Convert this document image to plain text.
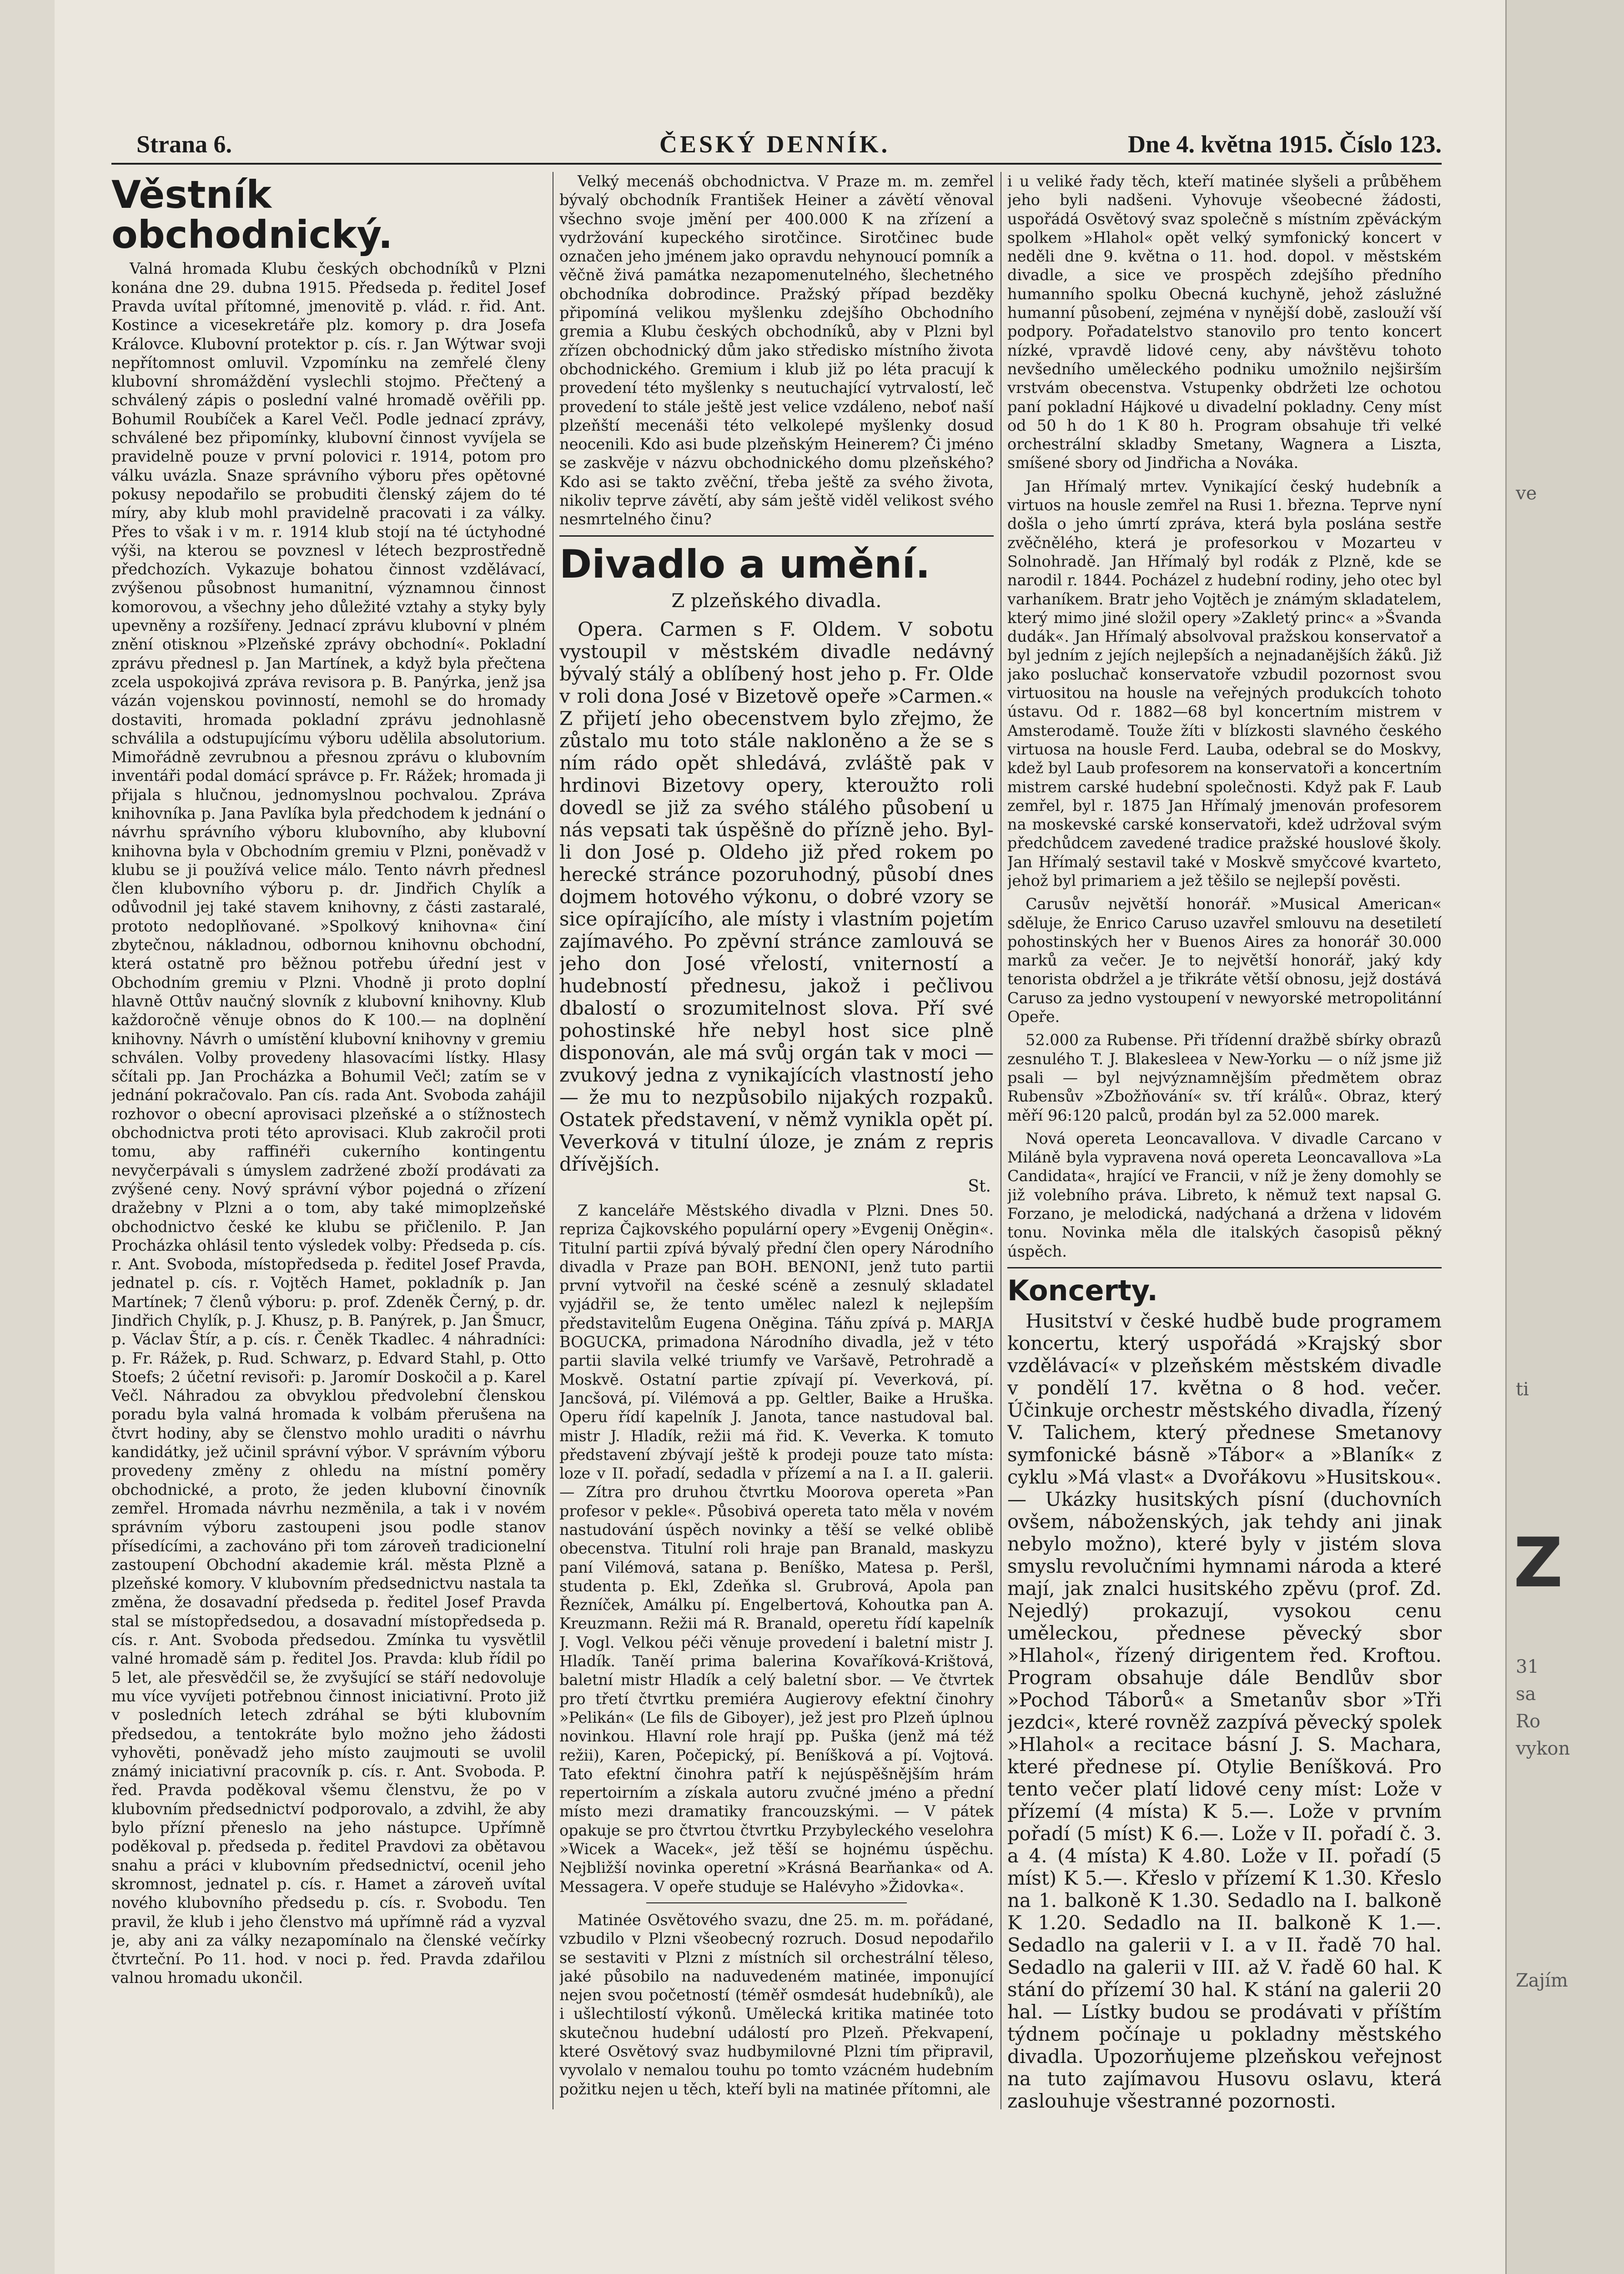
Strana 6.	ČESKÝ DENNÍK.	Dne 4. května 1915. Číslo 123.
Věstník obchodnický.

Valná hromada Klubu českých obchodníků v Plzni konána dne 29. dubna 1915. Předseda p. ředitel Josef Pravda uvítal přítomné, jmenovitě p. vlád. r. řid. Ant. Kostince a vicesekretáře plz. komory p. dra Josefa Královce. Klubovní protektor p. cís. r. Jan Wýtwar svoji nepřítomnost omluvil. Vzpomínku na zemřelé členy klubovní shromáždění vyslechli stojmo. Přečtený a schválený zápis o poslední valné hromadě ověřili pp. Bohumil Roubíček a Karel Večl. Podle jednací zprávy, schválené bez připomínky, klubovní činnost vyvíjela se pravidelně pouze v první polovici r. 1914, potom pro válku uvázla. Snaze správního výboru přes opětovné pokusy nepodařilo se probuditi členský zájem do té míry, aby klub mohl pravidelně pracovati i za války. Přes to však i v m. r. 1914 klub stojí na té úctyhodné výši, na kterou se povznesl v létech bezprostředně předchozích. Vykazuje bohatou činnost vzdělávací, zvýšenou působnost humanitní, významnou činnost komorovou, a všechny jeho důležité vztahy a styky byly upevněny a rozšířeny. Jednací zprávu klubovní v plném znění otisknou »Plzeňské zprávy obchodní«. Pokladní zprávu přednesl p. Jan Martínek, a když byla přečtena zcela uspokojivá zpráva revisora p. B. Panýrka, jenž jsa vázán vojenskou povinností, nemohl se do hromady dostaviti, hromada pokladní zprávu jednohlasně schválila a odstupujícímu výboru udělila absolutorium. Mimořádně zevrubnou a přesnou zprávu o klubovním inventáři podal domácí správce p. Fr. Rážek; hromada ji přijala s hlučnou, jednomyslnou pochvalou. Zpráva knihovníka p. Jana Pavlíka byla předchodem k jednání o návrhu správního výboru klubovního, aby klubovní knihovna byla v Obchodním gremiu v Plzni, poněvadž v klubu se ji používá velice málo. Tento návrh přednesl člen klubovního výboru p. dr. Jindřich Chylík a odůvodnil jej také stavem knihovny, z části zastaralé, prototo nedoplňované. »Spolkový knihovna« činí zbytečnou, nákladnou, odbornou knihovnu obchodní, která ostatně pro běžnou potřebu úřední jest v Obchodním gremiu v Plzni. Vhodně ji proto doplní hlavně Ottův naučný slovník z klubovní knihovny. Klub každoročně věnuje obnos do K 100.— na doplnění knihovny. Návrh o umístění klubovní knihovny v gremiu schválen. Volby provedeny hlasovacími lístky. Hlasy sčítali pp. Jan Procházka a Bohumil Večl; zatím se v jednání pokračovalo. Pan cís. rada Ant. Svoboda zahájil rozhovor o obecní aprovisaci plzeňské a o stížnostech obchodnictva proti této aprovisaci. Klub zakročil proti tomu, aby raffinéři cukerního kontingentu nevyčerpávali s úmyslem zadržené zboží prodávati za zvýšené ceny. Nový správní výbor pojedná o zřízení dražebny v Plzni a o tom, aby také mimoplzeňské obchodnictvo české ke klubu se přičlenilo. P. Jan Procházka ohlásil tento výsledek volby: Předseda p. cís. r. Ant. Svoboda, místopředseda p. ředitel Josef Pravda, jednatel p. cís. r. Vojtěch Hamet, pokladník p. Jan Martínek; 7 členů výboru: p. prof. Zdeněk Černý, p. dr. Jindřich Chylík, p. J. Khusz, p. B. Panýrek, p. Jan Šmucr, p. Václav Štír, a p. cís. r. Čeněk Tkadlec. 4 náhradníci: p. Fr. Rážek, p. Rud. Schwarz, p. Edvard Stahl, p. Otto Stoefs; 2 účetní revisoři: p. Jaromír Doskočil a p. Karel Večl. Náhradou za obvyklou předvolební členskou poradu byla valná hromada k volbám přerušena na čtvrt hodiny, aby se členstvo mohlo uraditi o návrhu kandidátky, jež učinil správní výbor. V správním výboru provedeny změny z ohledu na místní poměry obchodnické, a proto, že jeden klubovní činovník zemřel. Hromada návrhu nezměnila, a tak i v novém správním výboru zastoupeni jsou podle stanov přísedícími, a zachováno při tom zároveň tradicionelní zastoupení Obchodní akademie král. města Plzně a plzeňské komory. V klubovním předsednictvu nastala ta změna, že dosavadní předseda p. ředitel Josef Pravda stal se místopředsedou, a dosavadní místopředseda p. cís. r. Ant. Svoboda předsedou. Zmínka tu vysvětlil valné hromadě sám p. ředitel Jos. Pravda: klub řídil po 5 let, ale přesvědčil se, že zvyšující se stáří nedovoluje mu více vyvíjeti potřebnou činnost iniciativní. Proto již v posledních letech zdráhal se býti klubovním předsedou, a tentokráte bylo možno jeho žádosti vyhověti, poněvadž jeho místo zaujmouti se uvolil známý iniciativní pracovník p. cís. r. Ant. Svoboda. P. řed. Pravda poděkoval všemu členstvu, že po v klubovním předsednictví podporovalo, a zdvihl, že aby bylo přízní přeneslo na jeho nástupce. Upřímně poděkoval p. předseda p. ředitel Pravdovi za obětavou snahu a práci v klubovním předsednictví, ocenil jeho skromnost, jednatel p. cís. r. Hamet a zároveň uvítal nového klubovního předsedu p. cís. r. Svobodu. Ten pravil, že klub i jeho členstvo má upřímně rád a vyzval je, aby ani za války nezapomínalo na členské večírky čtvrteční. Po 11. hod. v noci p. řed. Pravda zdařilou valnou hromadu ukončil.

Velký mecenáš obchodnictva. V Praze m. m. zemřel bývalý obchodník František Heiner a závětí věnoval všechno svoje jmění per 400.000 K na zřízení a vydržování kupeckého sirotčince. Sirotčinec bude označen jeho jménem jako opravdu nehynoucí pomník a věčně živá památka nezapomenutelného, šlechetného obchodníka dobrodince. Pražský případ bezděky připomíná velikou myšlenku zdejšího Obchodního gremia a Klubu českých obchodníků, aby v Plzni byl zřízen obchodnický dům jako středisko místního života obchodnického. Gremium i klub již po léta pracují k provedení této myšlenky s neutuchající vytrvalostí, leč provedení to stále ještě jest velice vzdáleno, neboť naší plzeňští mecenáši této velkolepé myšlenky dosud neocenili. Kdo asi bude plzeňským Heinerem? Či jméno se zaskvěje v názvu obchodnického domu plzeňského? Kdo asi se takto zvěční, třeba ještě za svého života, nikoliv teprve závětí, aby sám ještě viděl velikost svého nesmrtelného činu?

Divadlo a umění.
Z plzeňského divadla.

Opera. Carmen s F. Oldem. V sobotu vystoupil v městském divadle nedávný bývalý stálý a oblíbený host jeho p. Fr. Olde v roli dona José v Bizetově opeře »Carmen.« Z přijetí jeho obecenstvem bylo zřejmo, že zůstalo mu toto stále nakloněno a že se s ním rádo opět shledává, zvláště pak v hrdinovi Bizetovy opery, kteroužto roli dovedl se již za svého stálého působení u nás vepsati tak úspěšně do přízně jeho. Byl-li don José p. Oldeho již před rokem po herecké stránce pozoruhodný, působí dnes dojmem hotového výkonu, o dobré vzory se sice opírajícího, ale místy i vlastním pojetím zajímavého. Po zpěvní stránce zamlouvá se jeho don José vřelostí, vniterností a hudebností přednesu, jakož i pečlivou dbalostí o srozumitelnost slova. Pří své pohostinské hře nebyl host sice plně disponován, ale má svůj orgán tak v moci — zvukový jedna z vynikajících vlastností jeho — že mu to nezpůsobilo nijakých rozpaků. Ostatek představení, v němž vynikla opět pí. Veverková v titulní úloze, je znám z repris dřívějších.

St.

Z kanceláře Městského divadla v Plzni. Dnes 50. repriza Čajkovského populární opery »Evgenij Oněgin«. Titulní partii zpívá bývalý přední člen opery Národního divadla v Praze pan BOH. BENONI, jenž tuto partii první vytvořil na české scéně a zesnulý skladatel vyjádřil se, že tento umělec nalezl k nejlepším představitelům Eugena Oněgina. Táňu zpívá p. MARJA BOGUCKA, primadona Národního divadla, jež v této partii slavila velké triumfy ve Varšavě, Petrohradě a Moskvě. Ostatní partie zpívají pí. Veverková, pí. Jancšová, pí. Vilémová a pp. Geltler, Baike a Hruška. Operu řídí kapelník J. Janota, tance nastudoval bal. mistr J. Hladík, režii má řid. K. Veverka. K tomuto představení zbývají ještě k prodeji pouze tato místa: loze v II. pořadí, sedadla v přízemí a na I. a II. galerii. — Zítra pro druhou čtvrtku Moorova opereta »Pan profesor v pekle«. Působivá opereta tato měla v novém nastudování úspěch novinky a těší se velké oblibě obecenstva. Titulní roli hraje pan Branald, maskyzu paní Vilémová, satana p. Beníško, Matesa p. Peršl, studenta p. Ekl, Zdeňka sl. Grubrová, Apola pan Řezníček, Amálku pí. Engelbertová, Kohoutka pan A. Kreuzmann. Režii má R. Branald, operetu řídí kapelník J. Vogl. Velkou péči věnuje provedení i baletní mistr J. Hladík. Taněí prima balerina Kovaříková-Krištová, baletní mistr Hladík a celý baletní sbor. — Ve čtvrtek pro třetí čtvrtku premiéra Augierovy efektní činohry »Pelikán« (Le fils de Giboyer), jež jest pro Plzeň úplnou novinkou. Hlavní role hrají pp. Puška (jenž má též režii), Karen, Počepický, pí. Beníšková a pí. Vojtová. Tato efektní činohra patří k nejúspěšnějším hrám repertoirním a získala autoru zvučné jméno a přední místo mezi dramatiky francouzskými. — V pátek opakuje se pro čtvrtou čtvrtku Przybyleckého veselohra »Wicek a Wacek«, jež těší se hojnému úspěchu. Nejbližší novinka operetní »Krásná Bearňanka« od A. Messagera. V opeře studuje se Halévyho »Židovka«.

Matinée Osvětového svazu, dne 25. m. m. pořádané, vzbudilo v Plzni všeobecný rozruch. Dosud nepodařilo se sestaviti v Plzni z místních sil orchestrální těleso, jaké působilo na naduvedeném matinée, imponující nejen svou početností (téměř osmdesát hudebníků), ale i ušlechtilostí výkonů. Umělecká kritika matinée toto skutečnou hudební událostí pro Plzeň. Překvapení, které Osvětový svaz hudbymilovné Plzni tím připravil, vyvolalo v nemalou touhu po tomto vzácném hudebním požitku nejen u těch, kteří byli na matinée přítomni, ale

i u veliké řady těch, kteří matinée slyšeli a průběhem jeho byli nadšeni. Vyhovuje všeobecné žádosti, uspořádá Osvětový svaz společně s místním zpěváckým spolkem »Hlahol« opět velký symfonický koncert v neděli dne 9. května o 11. hod. dopol. v městském divadle, a sice ve prospěch zdejšího předního humanního spolku Obecná kuchyně, jehož záslužné humanní působení, zejména v nynější době, zaslouží vší podpory. Pořadatelstvo stanovilo pro tento koncert nízké, vpravdě lidové ceny, aby návštěvu tohoto nevšedního uměleckého podniku umožnilo nejširším vrstvám obecenstva. Vstupenky obdržeti lze ochotou paní pokladní Hájkové u divadelní pokladny. Ceny míst od 50 h do 1 K 80 h. Program obsahuje tři velké orchestrální skladby Smetany, Wagnera a Liszta, smíšené sbory od Jindřicha a Nováka.

Jan Hřímalý mrtev. Vynikající český hudebník a virtuos na housle zemřel na Rusi 1. března. Teprve nyní došla o jeho úmrtí zpráva, která byla poslána sestře zvěčnělého, která je profesorkou v Mozarteu v Solnohradě. Jan Hřímalý byl rodák z Plzně, kde se narodil r. 1844. Pocházel z hudební rodiny, jeho otec byl varhaníkem. Bratr jeho Vojtěch je známým skladatelem, který mimo jiné složil opery »Zakletý princ« a »Švanda dudák«. Jan Hřímalý absolvoval pražskou konservatoř a byl jedním z jejích nejlepších a nejnadanějších žáků. Již jako posluchač konservatoře vzbudil pozornost svou virtuositou na housle na veřejných produkcích tohoto ústavu. Od r. 1882—68 byl koncertním mistrem v Amsterodamě. Touže žíti v blízkosti slavného českého virtuosa na housle Ferd. Lauba, odebral se do Moskvy, kdež byl Laub profesorem na konservatoři a koncertním mistrem carské hudební společnosti. Když pak F. Laub zemřel, byl r. 1875 Jan Hřímalý jmenován profesorem na moskevské carské konservatoři, kdež udržoval svým předchůdcem zavedené tradice pražské houslové školy. Jan Hřímalý sestavil také v Moskvě smyčcové kvarteto, jehož byl primariem a jež těšilo se nejlepší pověsti.

Carusův největší honorář. »Musical American« sděluje, že Enrico Caruso uzavřel smlouvu na desetiletí pohostinských her v Buenos Aires za honorář 30.000 marků za večer. Je to největší honorář, jaký kdy tenorista obdržel a je třikráte větší obnosu, jejž dostává Caruso za jedno vystoupení v newyorské metropolitánní Opeře.

52.000 za Rubense. Při třídenní dražbě sbírky obrazů zesnulého T. J. Blakesleea v New-Yorku — o níž jsme již psali — byl nejvýznamnějším předmětem obraz Rubensův »Zbožňování« sv. tří králů«. Obraz, který měří 96:120 palců, prodán byl za 52.000 marek.

Nová opereta Leoncavallova. V divadle Carcano v Miláně byla vypravena nová opereta Leoncavallova »La Candidata«, hrající ve Francii, v níž je ženy domohly se již volebního práva. Libreto, k němuž text napsal G. Forzano, je melodická, nadýchaná a držena v lidovém tonu. Novinka měla dle italských časopisů pěkný úspěch.

Koncerty.

Husitství v české hudbě bude programem koncertu, který uspořádá »Krajský sbor vzdělávací« v plzeňském městském divadle v pondělí 17. května o 8 hod. večer. Účinkuje orchestr městského divadla, řízený V. Talichem, který přednese Smetanovy symfonické básně »Tábor« a »Blaník« z cyklu »Má vlast« a Dvořákovu »Husitskou«. — Ukázky husitských písní (duchovních ovšem, náboženských, jak tehdy ani jinak nebylo možno), které byly v jistém slova smyslu revolučními hymnami národa a které mají, jak znalci husitského zpěvu (prof. Zd. Nejedlý) prokazují, vysokou cenu uměleckou, přednese pěvecký sbor »Hlahol«, řízený dirigentem řed. Kroftou. Program obsahuje dále Bendlův sbor »Pochod Táborů« a Smetanův sbor »Tři jezdci«, které rovněž zazpívá pěvecký spolek »Hlahol« a recitace básní J. S. Machara, které přednese pí. Otylie Beníšková. Pro tento večer platí lidové ceny míst: Lože v přízemí (4 místa) K 5.—. Lože v prvním pořadí (5 míst) K 6.—. Lože v II. pořadí č. 3. a 4. (4 místa) K 4.80. Lože v II. pořadí (5 míst) K 5.—. Křeslo v přízemí K 1.30. Křeslo na 1. balkoně K 1.30. Sedadlo na I. balkoně K 1.20. Sedadlo na II. balkoně K 1.—. Sedadlo na galerii v I. a v II. řadě 70 hal. Sedadlo na galerii v III. až V. řadě 60 hal. K stání do přízemí 30 hal. K stání na galerii 20 hal. — Lístky budou se prodávati v příštím týdnem počínaje u pokladny městského divadla. Upozorňujeme plzeňskou veřejnost na tuto zajímavou Husovu oslavu, která zaslouhuje všestranné pozornosti.

ve
ti
31
sa
Z
Ro
vykon
Zajím
